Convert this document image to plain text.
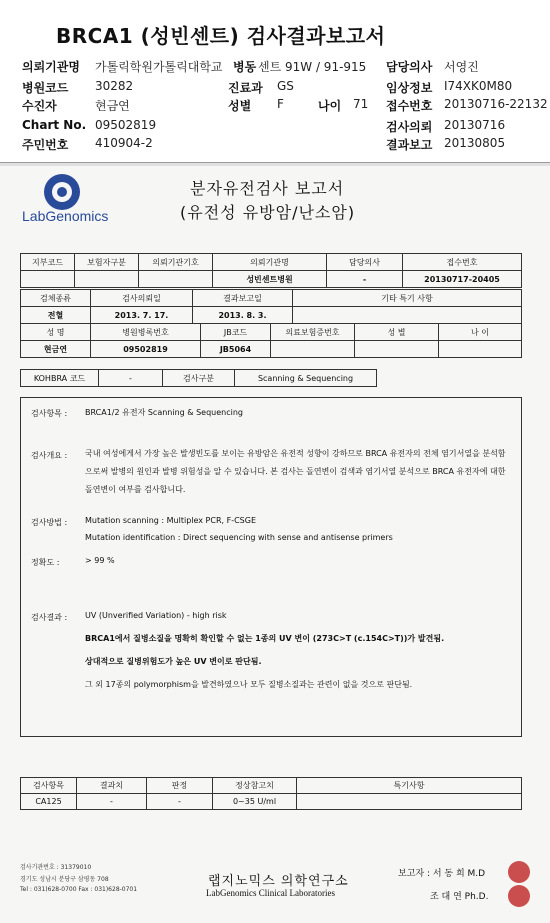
BRCA1 (성빈센트) 검사결과보고서
의뢰기관명 가톨릭학원가톨릭대학교 병동 센트 91W / 91-915 담당의사 서영진
병원코드 30282	진료과 GS	임상정보 I74XK0M80
수진자	현금연	성별 F	나이 71 접수번호 20130716-22132
Chart No. 09502819	검사의뢰 20130716
주민번호 410904-2	결과보고 20130805
LabGenomics
분자유전검사 보고서
(유전성 유방암/난소암)
지부코드	보험자구분	의뢰기관기호	의뢰기관명	담당의사	접수번호
			성빈센트병원	-	20130717-20405
검체종류	검사의뢰일	결과보고일	기타 특기 사항
전혈	2013. 7. 17.	2013. 8. 3.	
성 명	병원병록번호	JB코드	의료보험증번호	성 별	나 이
현금연	09502819	JB5064			
KOHBRA 코드	-	검사구분	Scanning & Sequencing
검사항목 : BRCA1/2 유전자 Scanning & Sequencing
검사개요 : 국내 여성에게서 가장 높은 발생빈도를 보이는 유방암은 유전적 성향이 강하므로 BRCA 유전자의 전체 염기서열을 분석함으로써 발병의 원인과 발병 위험성을 알 수 있습니다. 본 검사는 돌연변이 검색과 염기서열 분석으로 BRCA 유전자에 대한 돌연변이 여부를 검사합니다.
검사방법 : Mutation scanning : Multiplex PCR, F-CSGE
Mutation identification : Direct sequencing with sense and antisense primers
정확도 :	> 99 %
검사결과 : UV (Unverified Variation) - high risk
BRCA1에서 질병소질을 명확히 확인할 수 없는 1종의 UV 변이 (273C>T (c.154C>T))가 발견됨.
상대적으로 질병위험도가 높은 UV 변이로 판단됨.
그 외 17종의 polymorphism을 발견하였으나 모두 질병소질과는 관련이 없을 것으로 판단됨.
검사항목	결과치	판정	정상참고치	특기사항
CA125	-	-	0~35 U/ml	
검사기관번호 : 31379010
경기도 성남시 분당구 삼평동 708
Tel : 031)628-0700 Fax : 031)628-0701
랩지노믹스 의학연구소
LabGenomics Clinical Laboratories
보고자 : 서 동 희 M.D
조 대 연 Ph.D.
